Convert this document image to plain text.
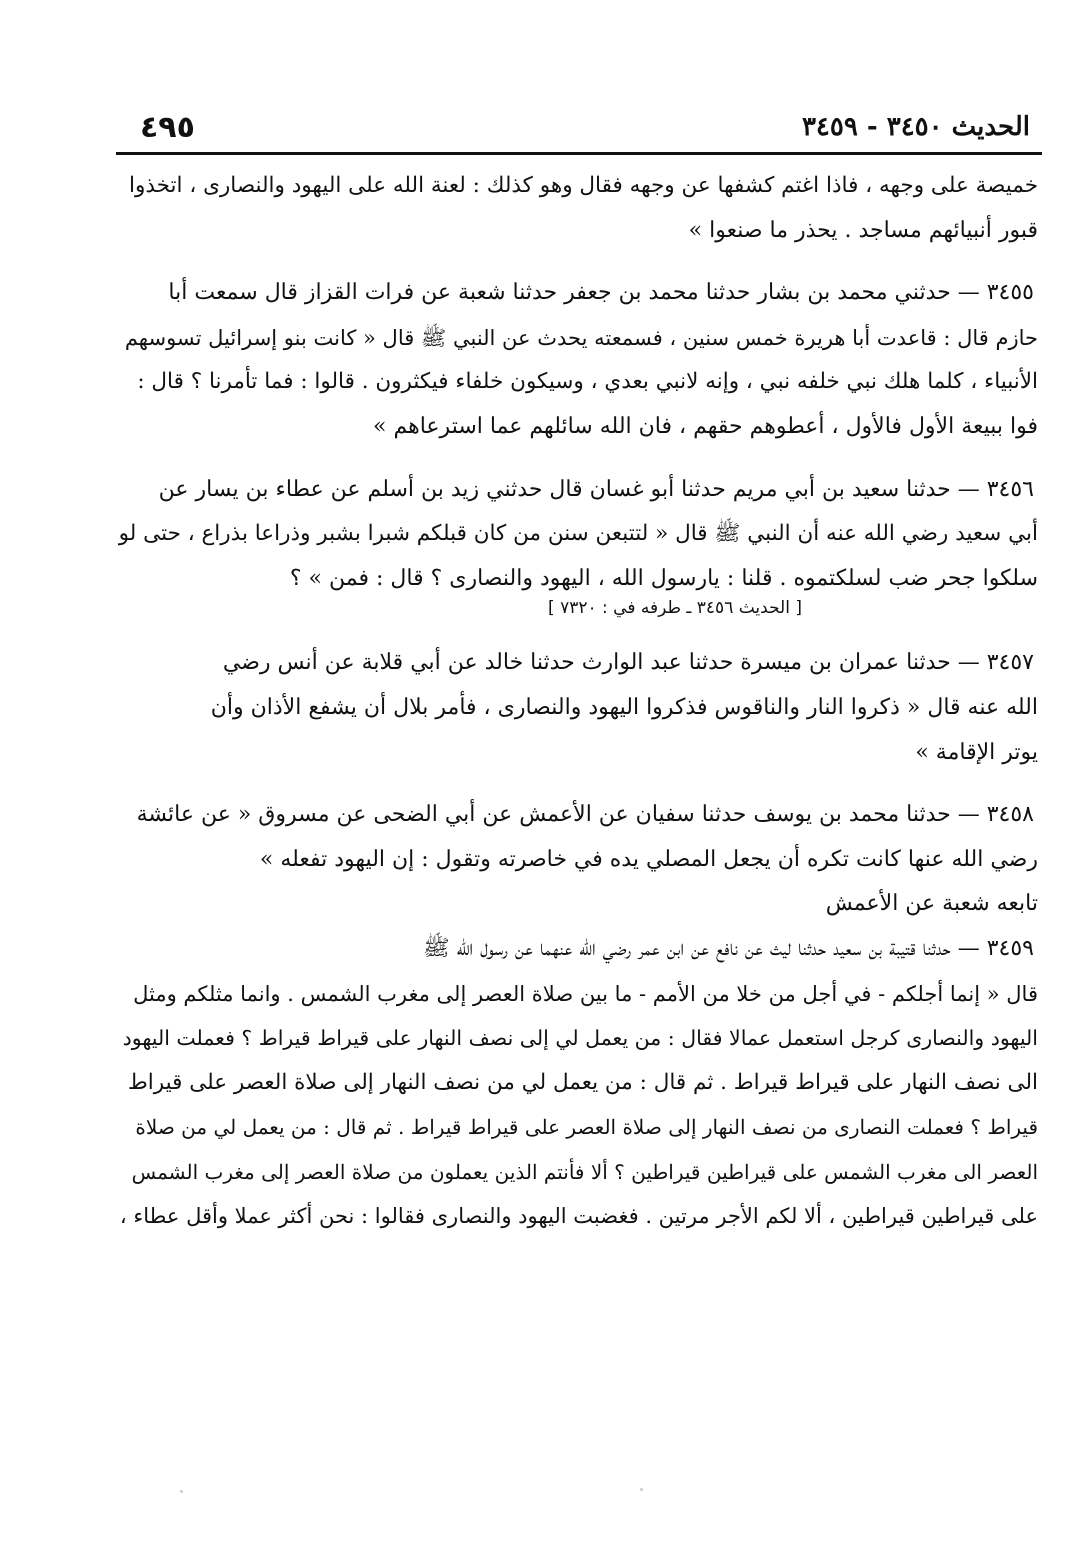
٤٩٥	الحديث ٣٤٥٠ - ٣٤٥٩
خميصة على وجهه ، فاذا اغتم كشفها عن وجهه فقال وهو كذلك : لعنة الله على اليهود والنصارى ، اتخذوا
قبور أنبيائهم مساجد . يحذر ما صنعوا »
٣٤٥٥ — حدثني محمد بن بشار حدثنا محمد بن جعفر حدثنا شعبة عن فرات القزاز قال سمعت أبا
حازم قال : قاعدت أبا هريرة خمس سنين ، فسمعته يحدث عن النبي ﷺ قال « كانت بنو إسرائيل تسوسهم
الأنبياء ، كلما هلك نبي خلفه نبي ، وإنه لانبي بعدي ، وسيكون خلفاء فيكثرون . قالوا : فما تأمرنا ؟ قال :
فوا ببيعة الأول فالأول ، أعطوهم حقهم ، فان الله سائلهم عما استرعاهم »
٣٤٥٦ — حدثنا سعيد بن أبي مريم حدثنا أبو غسان قال حدثني زيد بن أسلم عن عطاء بن يسار عن
أبي سعيد رضي الله عنه أن النبي ﷺ قال « لتتبعن سنن من كان قبلكم شبرا بشبر وذراعا بذراع ، حتى لو
سلكوا جحر ضب لسلكتموه . قلنا : يارسول الله ، اليهود والنصارى ؟ قال : فمن » ؟
[ الحديث ٣٤٥٦ ـ طرفه في : ٧٣٢٠ ]
٣٤٥٧ — حدثنا عمران بن ميسرة حدثنا عبد الوارث حدثنا خالد عن أبي قلابة عن أنس رضي
الله عنه قال « ذكروا النار والناقوس فذكروا اليهود والنصارى ، فأمر بلال أن يشفع الأذان وأن
يوتر الإقامة »
٣٤٥٨ — حدثنا محمد بن يوسف حدثنا سفيان عن الأعمش عن أبي الضحى عن مسروق « عن عائشة
رضي الله عنها كانت تكره أن يجعل المصلي يده في خاصرته وتقول : إن اليهود تفعله »
تابعه شعبة عن الأعمش
٣٤٥٩ — حدثنا قتيبة بن سعيد حدثنا ليث عن نافع عن ابن عمر رضي الله عنهما عن رسول الله ﷺ
قال « إنما أجلكم - في أجل من خلا من الأمم - ما بين صلاة العصر إلى مغرب الشمس . وانما مثلكم ومثل
اليهود والنصارى كرجل استعمل عمالا فقال : من يعمل لي إلى نصف النهار على قيراط قيراط ؟ فعملت اليهود
الى نصف النهار على قيراط قيراط . ثم قال : من يعمل لي من نصف النهار إلى صلاة العصر على قيراط
قيراط ؟ فعملت النصارى من نصف النهار إلى صلاة العصر على قيراط قيراط . ثم قال : من يعمل لي من صلاة
العصر الى مغرب الشمس على قيراطين قيراطين ؟ ألا فأنتم الذين يعملون من صلاة العصر إلى مغرب الشمس
على قيراطين قيراطين ، ألا لكم الأجر مرتين . فغضبت اليهود والنصارى فقالوا : نحن أكثر عملا وأقل عطاء ،
